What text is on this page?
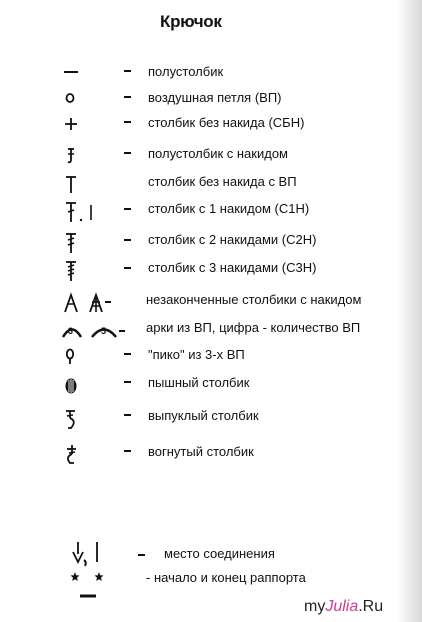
Крючок
полустолбик
воздушная петля (ВП)
столбик без накида (СБН)
полустолбик с накидом
столбик без накида с ВП
столбик с 1 накидом (С1Н)
столбик с 2 накидами (С2Н)
столбик с 3 накидами (С3Н)
незаконченные столбики с накидом
3	5	арки из ВП, цифра - количество ВП
"пико" из 3-х ВП
пышный столбик
выпуклый столбик
вогнутый столбик
место соединения
- начало и конец раппорта
myJulia.Ru
